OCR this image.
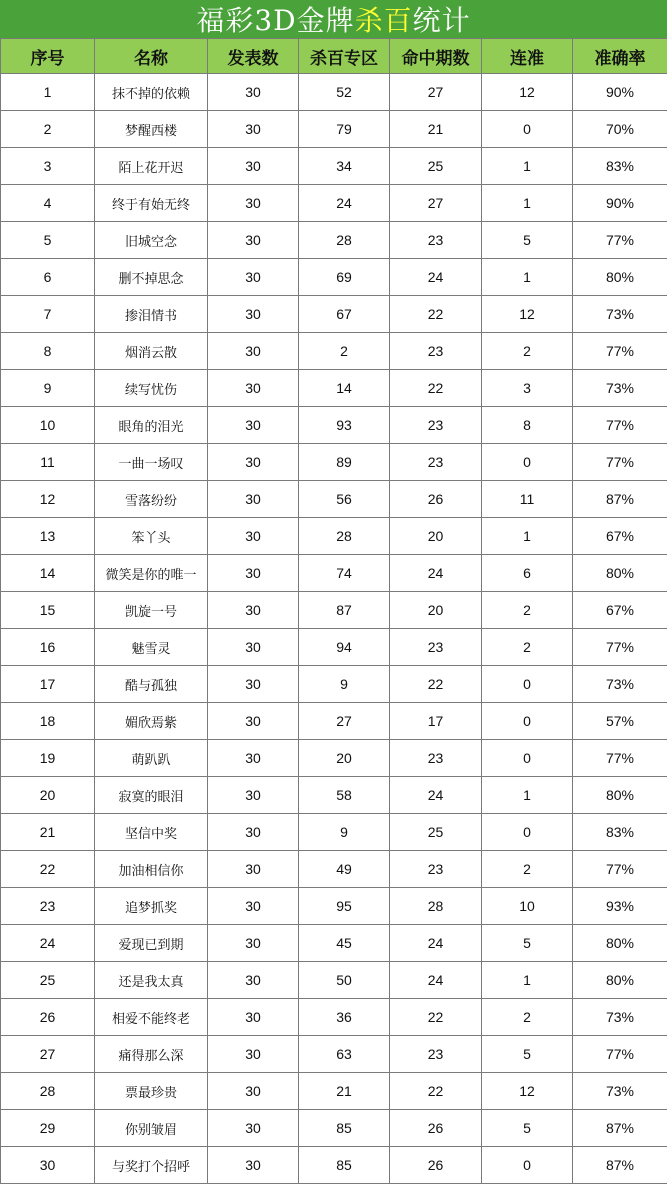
福彩3D金牌 杀百 统计
序号	名称	发表数	杀百专区	命中期数	连准	准确率
1	抹不掉的依赖	30	52	27	12	90%
2	梦醒西楼	30	79	21	0	70%
3	陌上花开迟	30	34	25	1	83%
4	终于有始无终	30	24	27	1	90%
5	旧城空念	30	28	23	5	77%
6	删不掉思念	30	69	24	1	80%
7	掺泪情书	30	67	22	12	73%
8	烟消云散	30	2	23	2	77%
9	续写忧伤	30	14	22	3	73%
10	眼角的泪光	30	93	23	8	77%
11	一曲一场叹	30	89	23	0	77%
12	雪落纷纷	30	56	26	11	87%
13	笨丫头	30	28	20	1	67%
14	微笑是你的唯一	30	74	24	6	80%
15	凯旋一号	30	87	20	2	67%
16	魅雪灵	30	94	23	2	77%
17	酷与孤独	30	9	22	0	73%
18	媚欣焉紫	30	27	17	0	57%
19	萌趴趴	30	20	23	0	77%
20	寂寞的眼泪	30	58	24	1	80%
21	坚信中奖	30	9	25	0	83%
22	加油相信你	30	49	23	2	77%
23	追梦抓奖	30	95	28	10	93%
24	爱现已到期	30	45	24	5	80%
25	还是我太真	30	50	24	1	80%
26	相爱不能终老	30	36	22	2	73%
27	痛得那么深	30	63	23	5	77%
28	票最珍贵	30	21	22	12	73%
29	你别皱眉	30	85	26	5	87%
30	与奖打个招呼	30	85	26	0	87%
